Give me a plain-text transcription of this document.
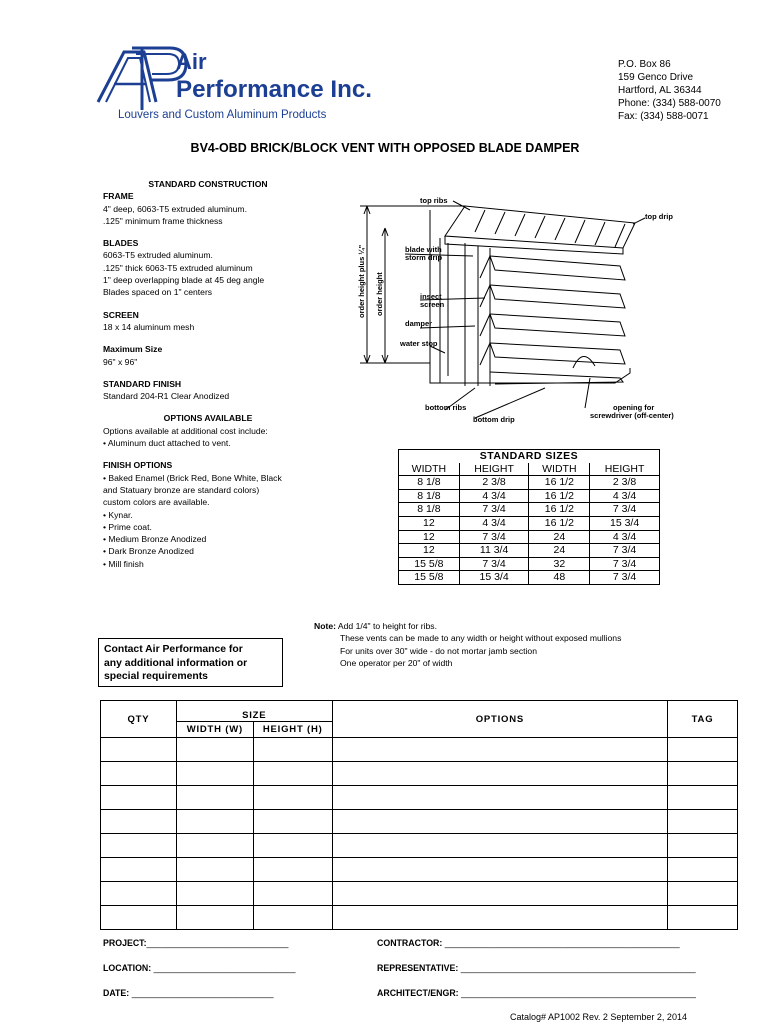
Air
Performance Inc.
Louvers and Custom Aluminum Products
P.O. Box 86
159 Genco Drive
Hartford, AL 36344
Phone: (334) 588-0070
Fax: (334) 588-0071
BV4-OBD BRICK/BLOCK VENT WITH OPPOSED BLADE DAMPER
STANDARD CONSTRUCTION
FRAME
4" deep, 6063-T5 extruded aluminum.
.125" minimum frame thickness
BLADES
6063-T5 extruded aluminum.
.125" thick 6063-T5 extruded aluminum
1" deep overlapping blade at 45 deg angle
Blades spaced on 1" centers
SCREEN
18 x 14 aluminum mesh
Maximum Size
96" x 96"
STANDARD FINISH
Standard 204-R1 Clear Anodized
OPTIONS AVAILABLE
Options available at additional cost include:
• Aluminum duct attached to vent.
FINISH OPTIONS
• Baked Enamel (Brick Red, Bone White, Black
and Statuary bronze are standard colors)
custom colors are available.
• Kynar.
• Prime coat.
• Medium Bronze Anodized
• Dark Bronze Anodized
• Mill finish
top ribs
top drip
blade with storm drip
insect screen
damper
water stop
bottom ribs
bottom drip
opening for screwdriver (off-center)
order height plus ¼" order height
STANDARD SIZES			
WIDTH	HEIGHT	WIDTH	HEIGHT
8 1/8	2 3/8	16 1/2	2 3/8
8 1/8	4 3/4	16 1/2	4 3/4
8 1/8	7 3/4	16 1/2	7 3/4
12	4 3/4	16 1/2	15 3/4
12	7 3/4	24	4 3/4
12	11 3/4	24	7 3/4
15 5/8	7 3/4	32	7 3/4
15 5/8	15 3/4	48	7 3/4
Note: Add 1/4" to height for ribs.
These vents can be made to any width or height without exposed mullions
For units over 30" wide - do not mortar jamb section
One operator per 20" of width
Contact Air Performance for
any additional information or
special requirements
QTY	SIZE		OPTIONS	TAG
	WIDTH (W)	HEIGHT (H)		

PROJECT:_____________________________	CONTRACTOR: ________________________________________________
LOCATION: _____________________________	REPRESENTATIVE: ________________________________________________
DATE: _____________________________	ARCHITECT/ENGR: ________________________________________________
Catalog# AP1002 Rev. 2 September 2, 2014
